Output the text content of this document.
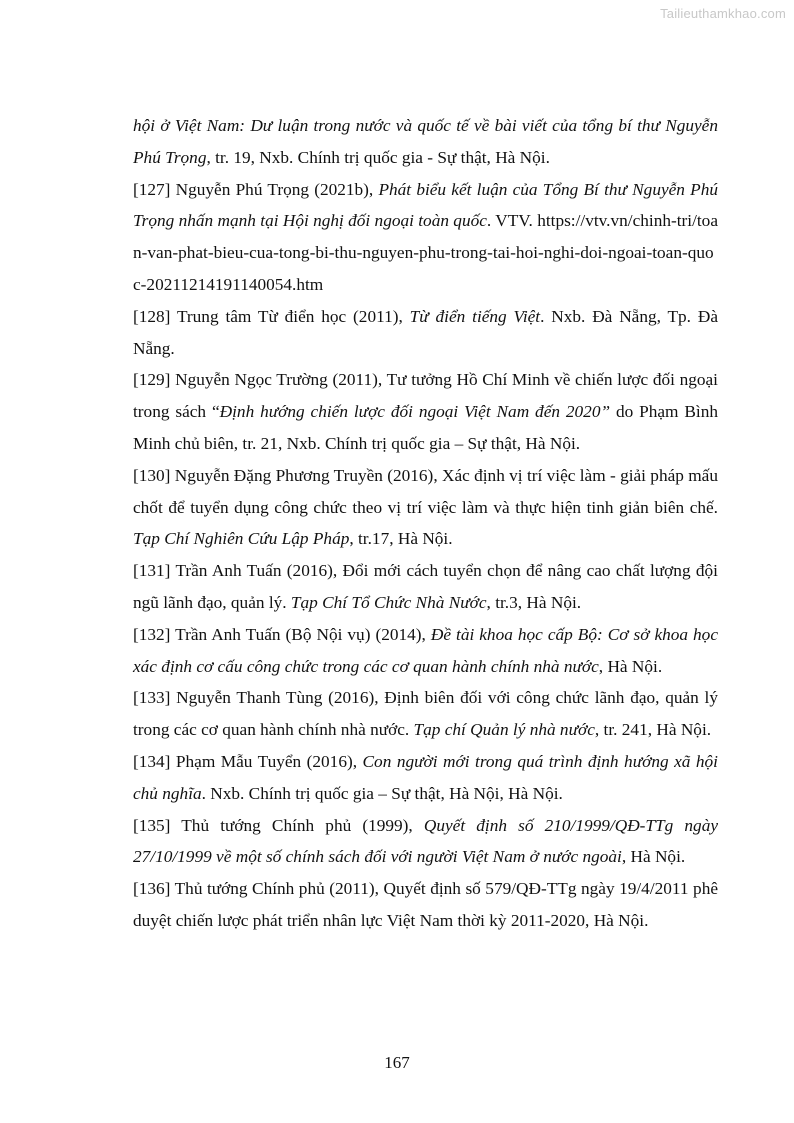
Tailieuthamkhao.com

hội ở Việt Nam: Dư luận trong nước và quốc tế về bài viết của tổng bí thư Nguyễn Phú Trọng, tr. 19, Nxb. Chính trị quốc gia - Sự thật, Hà Nội.

[127] Nguyễn Phú Trọng (2021b), Phát biểu kết luận của Tổng Bí thư Nguyễn Phú Trọng nhấn mạnh tại Hội nghị đối ngoại toàn quốc. VTV. https://vtv.vn/chinh-tri/toan-van-phat-bieu-cua-tong-bi-thu-nguyen-phu-trong-tai-hoi-nghi-doi-ngoai-toan-quoc-20211214191140054.htm

[128] Trung tâm Từ điển học (2011), Từ điển tiếng Việt. Nxb. Đà Nẵng, Tp. Đà Nẵng.

[129] Nguyễn Ngọc Trường (2011), Tư tưởng Hồ Chí Minh về chiến lược đối ngoại trong sách “Định hướng chiến lược đối ngoại Việt Nam đến 2020” do Phạm Bình Minh chủ biên, tr. 21, Nxb. Chính trị quốc gia – Sự thật, Hà Nội.

[130] Nguyễn Đặng Phương Truyền (2016), Xác định vị trí việc làm - giải pháp mấu chốt để tuyển dụng công chức theo vị trí việc làm và thực hiện tinh giản biên chế. Tạp Chí Nghiên Cứu Lập Pháp, tr.17, Hà Nội.

[131] Trần Anh Tuấn (2016), Đổi mới cách tuyển chọn để nâng cao chất lượng đội ngũ lãnh đạo, quản lý. Tạp Chí Tổ Chức Nhà Nước, tr.3, Hà Nội.

[132] Trần Anh Tuấn (Bộ Nội vụ) (2014), Đề tài khoa học cấp Bộ: Cơ sở khoa học xác định cơ cấu công chức trong các cơ quan hành chính nhà nước, Hà Nội.

[133] Nguyễn Thanh Tùng (2016), Định biên đối với công chức lãnh đạo, quản lý trong các cơ quan hành chính nhà nước. Tạp chí Quản lý nhà nước, tr. 241, Hà Nội.

[134] Phạm Mẫu Tuyển (2016), Con người mới trong quá trình định hướng xã hội chủ nghĩa. Nxb. Chính trị quốc gia – Sự thật, Hà Nội, Hà Nội.

[135] Thủ tướng Chính phủ (1999), Quyết định số 210/1999/QĐ-TTg ngày 27/10/1999 về một số chính sách đối với người Việt Nam ở nước ngoài, Hà Nội.

[136] Thủ tướng Chính phủ (2011), Quyết định số 579/QĐ-TTg ngày 19/4/2011 phê duyệt chiến lược phát triển nhân lực Việt Nam thời kỳ 2011-2020, Hà Nội.

167
